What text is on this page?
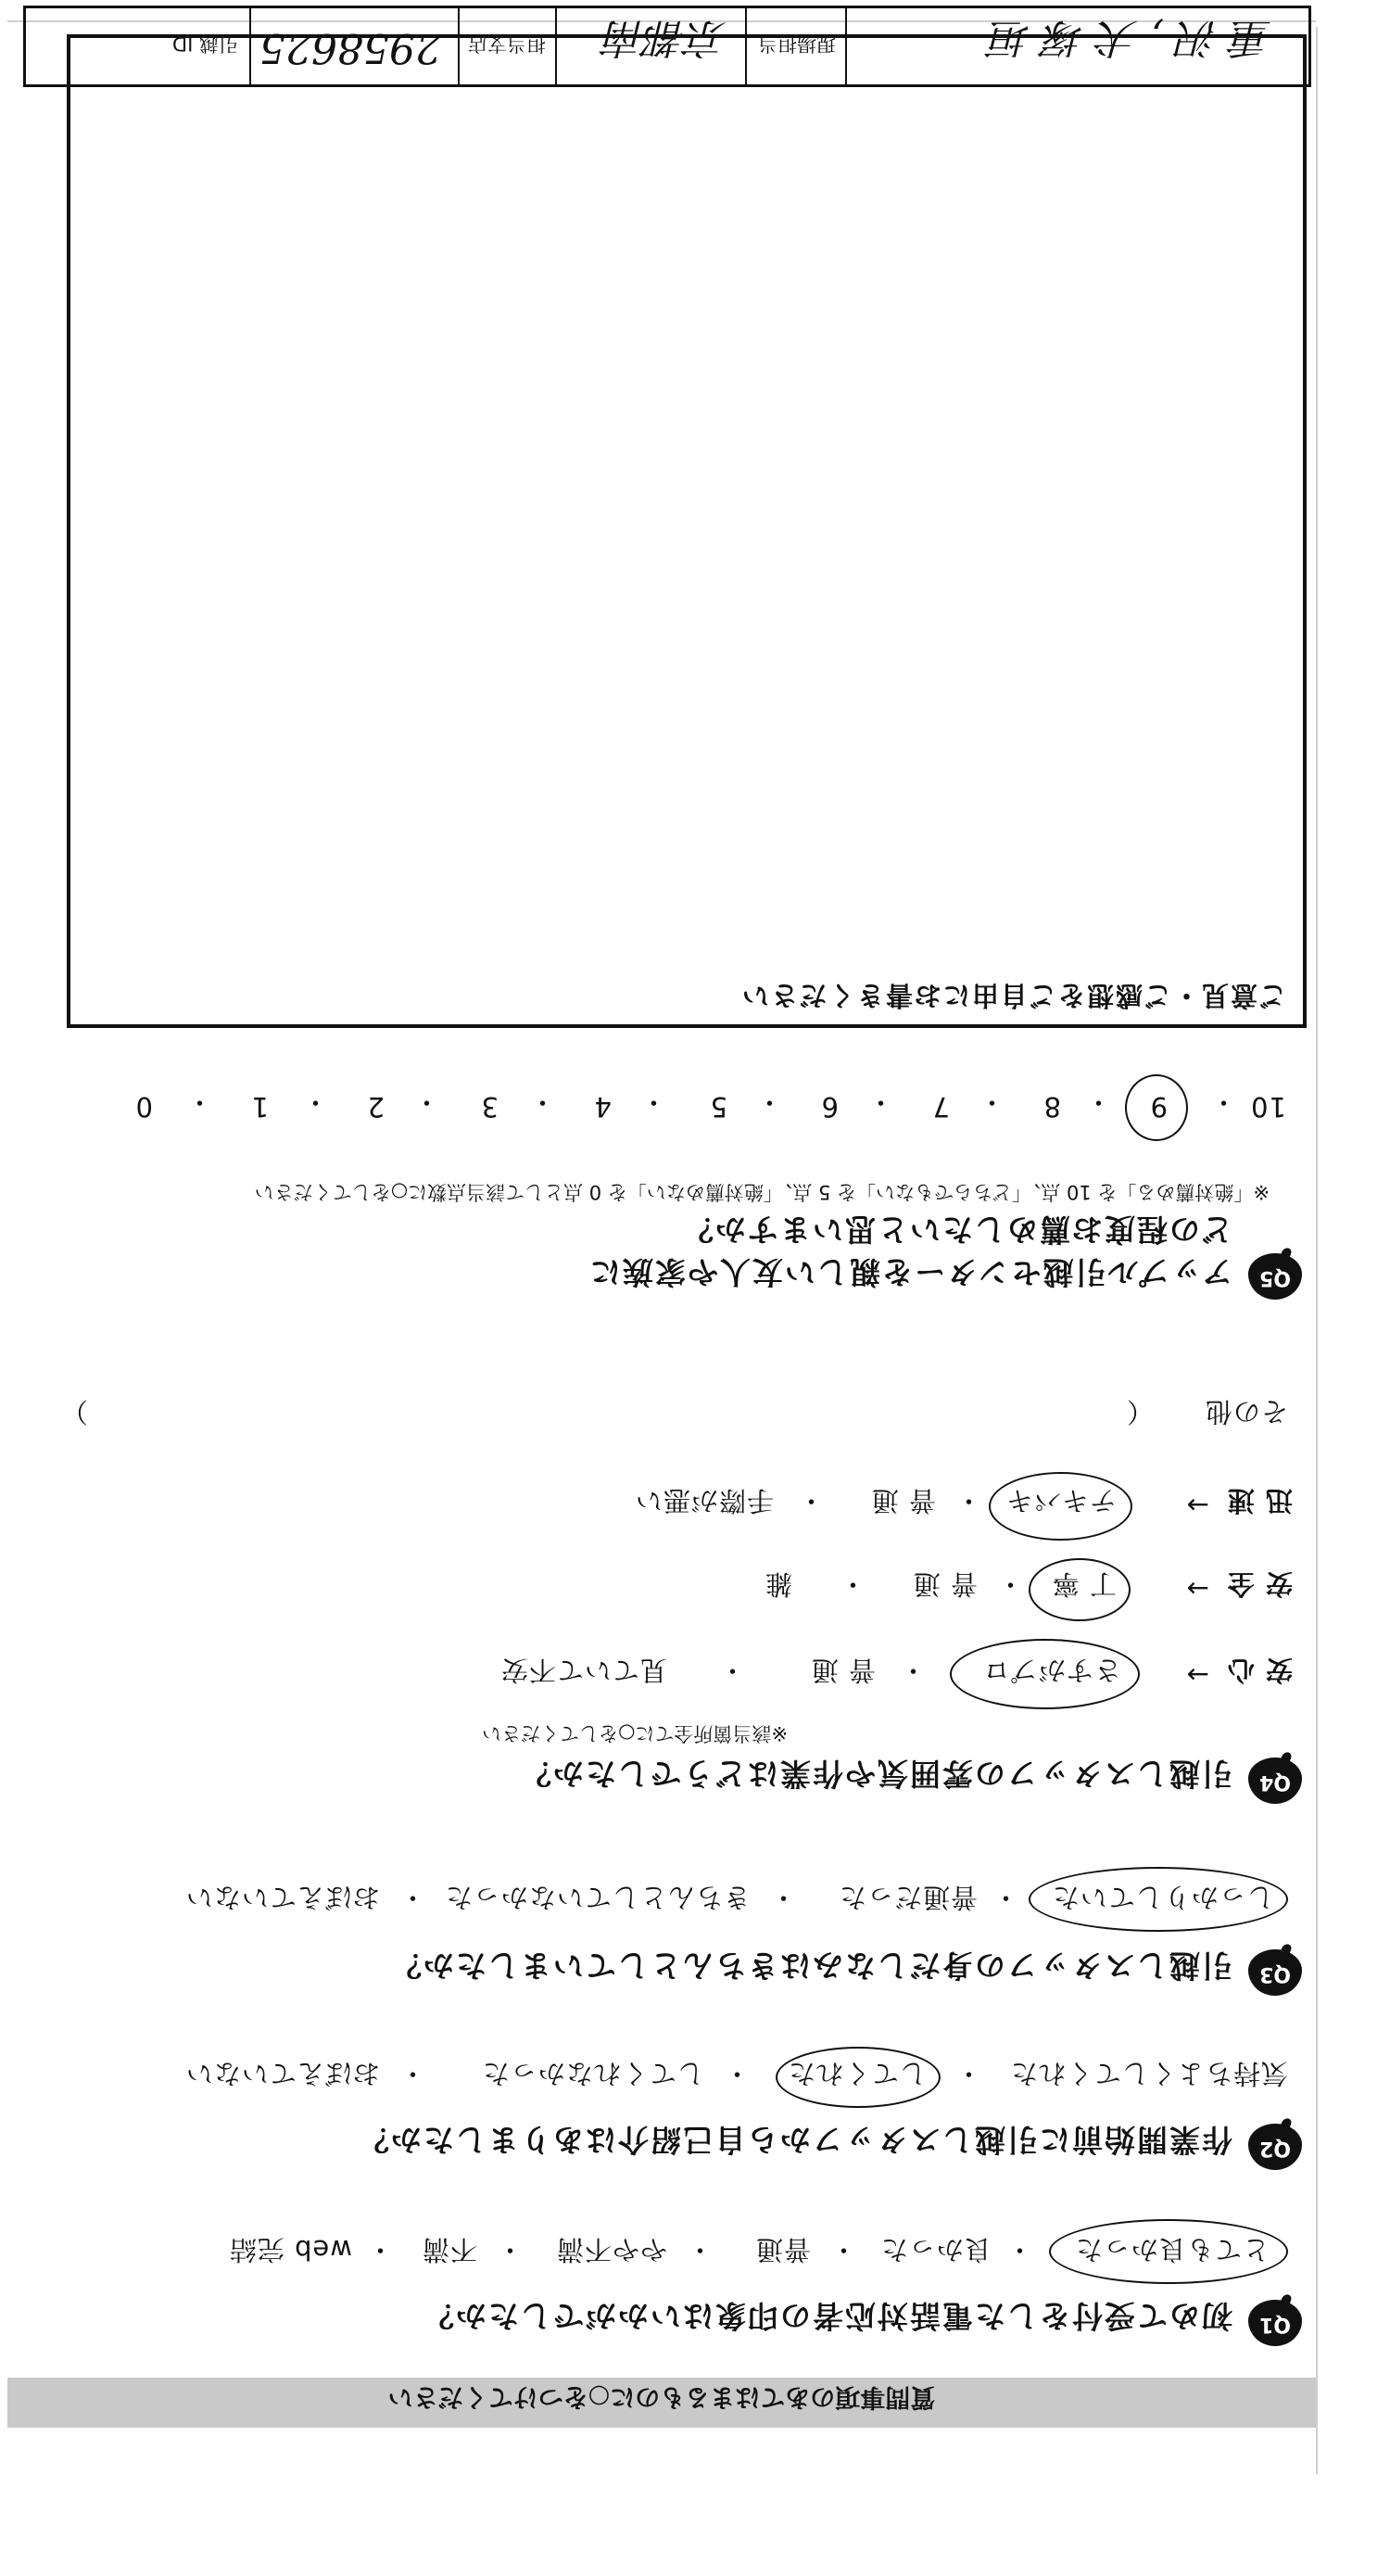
質問事項のあてはまるものに○をつけてください
Q1
初めて受付をした電話対応者の印象はいかがでしたか？
とても良かった
・
良かった
・
普通
・
やや不満
・
不満
・
web 完結
Q2
作業開始前に引越しスタッフから自己紹介はありましたか？
気持ちよくしてくれた
・
してくれた
・
してくれなかった
・
おぼえていない
Q3
引越しスタッフの身だしなみはきちんとしていましたか？
しっかりしていた
・
普通だった
・
きちんとしていなかった
・
おぼえていない
Q4
引越しスタッフの雰囲気や作業はどうでしたか？
※該当箇所全てに○をしてください
安 心
→
さすがプロ
・
普 通
・
見ていて不安
安 全
→
丁 寧
・
普 通
・
雑
迅 速
→
テキパキ
・
普 通
・
手際が悪い
その他
（
）
Q5
アップル引越センターを親しい友人や家族に
どの程度お薦めしたいと思いますか？
※「絶対薦める」を 10 点、「どちらでもない」を 5 点、「絶対薦めない」を 0 点として該当点数に○をしてください
10
・
9
・
8
・
7
・
6
・
5
・
4
・
3
・
2
・
1
・
0
ご意見・ご感想をご自由にお書きください
重 沢 , 犬 塚 垣
現場担当
京都南
担当支店
2958625
引越 ID
